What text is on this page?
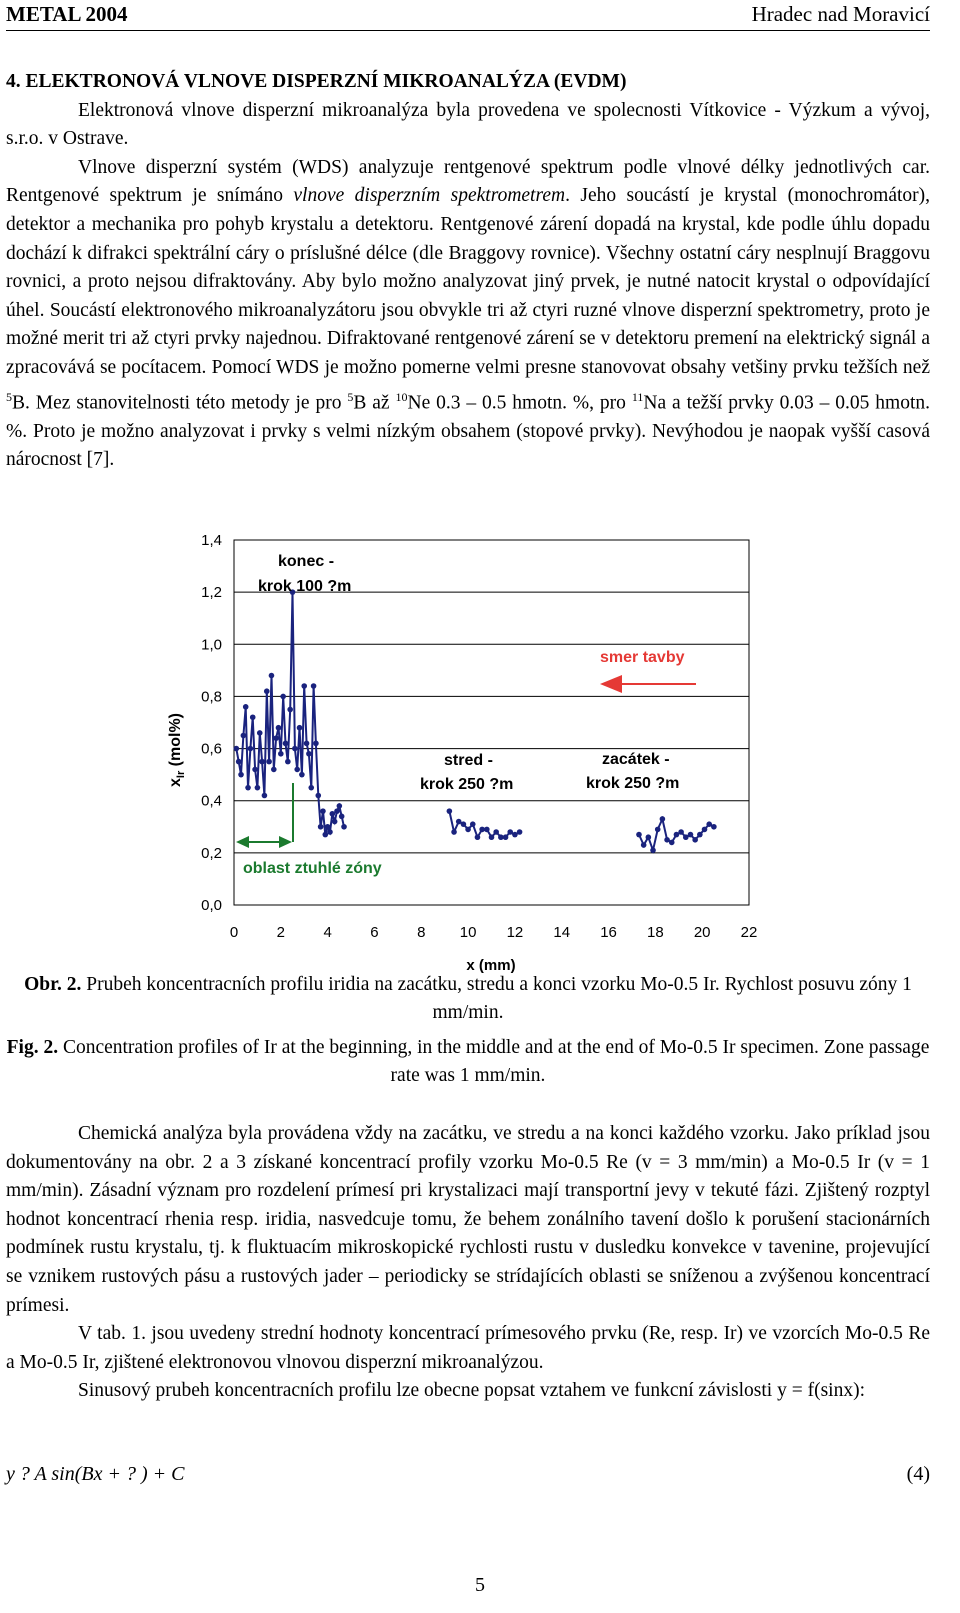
METAL 2004	Hradec nad Moravicí

4. ELEKTRONOVÁ VLNOVE DISPERZNÍ MIKROANALÝZA (EVDM)

Elektronová vlnove disperzní mikroanalýza byla provedena ve spolecnosti Vítkovice - Výzkum a vývoj, s.r.o. v Ostrave.

Vlnove disperzní systém (WDS) analyzuje rentgenové spektrum podle vlnové délky jednotlivých car. Rentgenové spektrum je snímáno vlnove disperzním spektrometrem. Jeho soucástí je krystal (monochromátor), detektor a mechanika pro pohyb krystalu a detektoru. Rentgenové zárení dopadá na krystal, kde podle úhlu dopadu dochází k difrakci spektrální cáry o príslušné délce (dle Braggovy rovnice). Všechny ostatní cáry nesplnují Braggovu rovnici, a proto nejsou difraktovány. Aby bylo možno analyzovat jiný prvek, je nutné natocit krystal o odpovídající úhel. Soucástí elektronového mikroanalyzátoru jsou obvykle tri až ctyri ruzné vlnove disperzní spektrometry, proto je možné merit tri až ctyri prvky najednou. Difraktované rentgenové zárení se v detektoru premení na elektrický signál a zpracovává se pocítacem. Pomocí WDS je možno pomerne velmi presne stanovovat obsahy vetšiny prvku težších než $^5$B. Mez stanovitelnosti této metody je pro $^5$B až $^{10}$Ne 0.3 – 0.5 hmotn. %, pro $^{11}$Na a težší prvky 0.03 – 0.05 hmotn. %. Proto je možno analyzovat i prvky s velmi nízkým obsahem (stopové prvky). Nevýhodou je naopak vyšší casová nárocnost [7].

0,0
0,2
0,4
0,6
0,8
1,0
1,2
1,4
0	2	4	6	8 10 12 14 16 18 20 22
$x_{Ir}$ (mol%)
x (mm)
konec -
krok 100 ?m
stred -
krok 250 ?m
zacátek -
krok 250 ?m
smer tavby
oblast ztuhlé zóny
Obr. 2. Prubeh koncentracních profilu iridia na zacátku, stredu a konci vzorku Mo-0.5 Ir. Rychlost posuvu zóny 1 mm/min.
Fig. 2. Concentration profiles of Ir at the beginning, in the middle and at the end of Mo-0.5 Ir specimen. Zone passage rate was 1 mm/min.

Chemická analýza byla provádena vždy na zacátku, ve stredu a na konci každého vzorku. Jako príklad jsou dokumentovány na obr. 2 a 3 získané koncentrací profily vzorku Mo-0.5 Re (v = 3 mm/min) a Mo-0.5 Ir (v = 1 mm/min). Zásadní význam pro rozdelení prímesí pri krystalizaci mají transportní jevy v tekuté fázi. Zjištený rozptyl hodnot koncentrací rhenia resp. iridia, nasvedcuje tomu, že behem zonálního tavení došlo k porušení stacionárních podmínek rustu krystalu, tj. k fluktuacím mikroskopické rychlosti rustu v dusledku konvekce v tavenine, projevující se vznikem rustových pásu a rustových jader – periodicky se strídajících oblasti se sníženou a zvýšenou koncentrací prímesi.

V tab. 1. jsou uvedeny strední hodnoty koncentrací prímesového prvku (Re, resp. Ir) ve vzorcích Mo-0.5 Re a Mo-0.5 Ir, zjištené elektronovou vlnovou disperzní mikroanalýzou.

Sinusový prubeh koncentracních profilu lze obecne popsat vztahem ve funkcní závislosti y = f(sinx):

y ? A sin(Bx + ? ) + C	(4)
5
